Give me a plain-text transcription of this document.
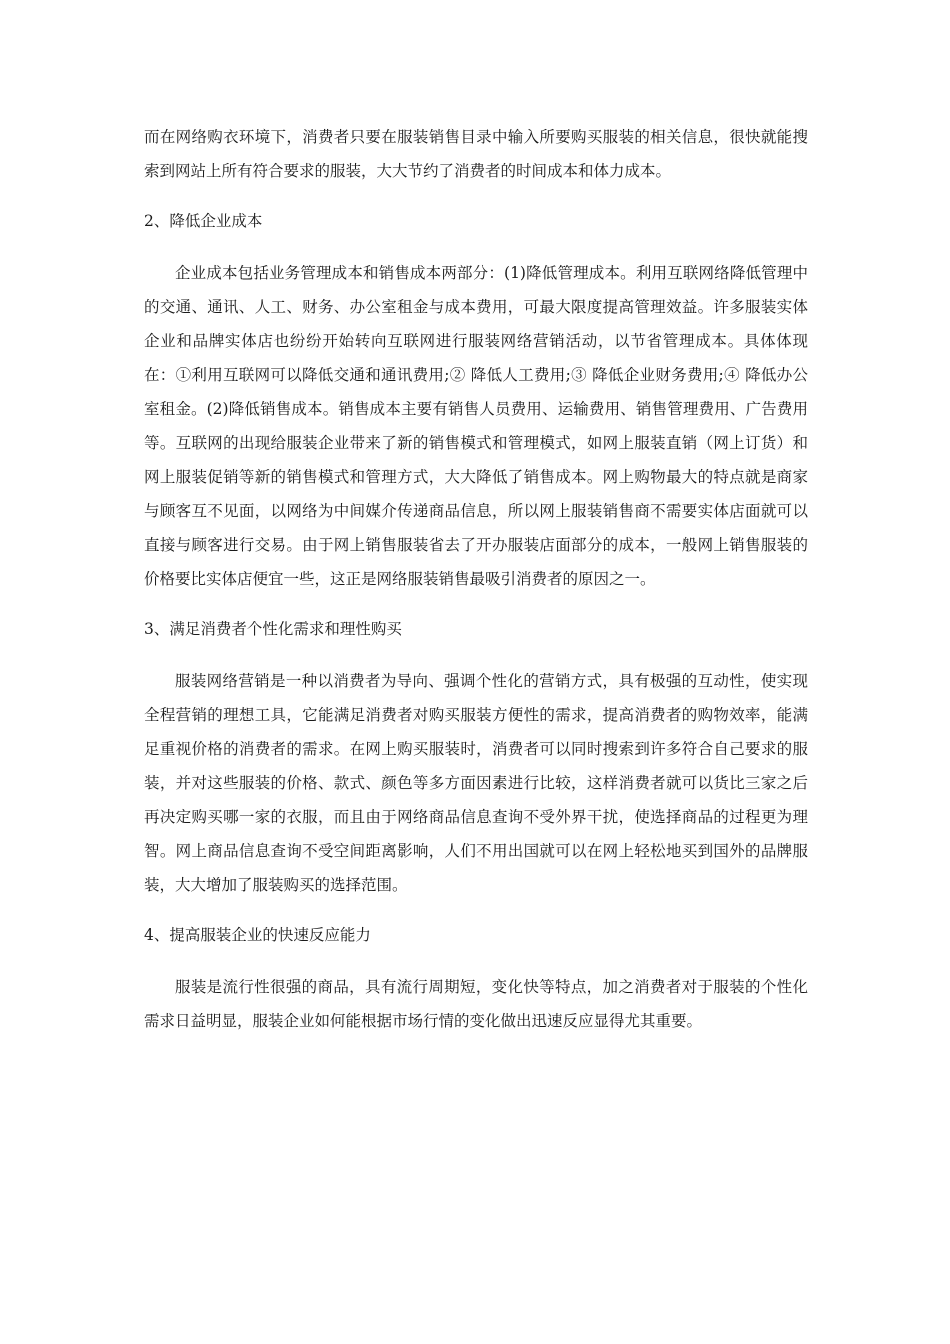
而在网络购衣环境下，消费者只要在服装销售目录中输入所要购买服装的相关信息，很快就能搜索到网站上所有符合要求的服装，大大节约了消费者的时间成本和体力成本。

2、降低企业成本

企业成本包括业务管理成本和销售成本两部分：(1)降低管理成本。利用互联网络降低管理中的交通、通讯、人工、财务、办公室租金与成本费用，可最大限度提高管理效益。许多服装实体企业和品牌实体店也纷纷开始转向互联网进行服装网络营销活动，以节省管理成本。具体体现在：①利用互联网可以降低交通和通讯费用;② 降低人工费用;③ 降低企业财务费用;④ 降低办公室租金。(2)降低销售成本。销售成本主要有销售人员费用、运输费用、销售管理费用、广告费用等。互联网的出现给服装企业带来了新的销售模式和管理模式，如网上服装直销（网上订货）和网上服装促销等新的销售模式和管理方式，大大降低了销售成本。网上购物最大的特点就是商家与顾客互不见面，以网络为中间媒介传递商品信息，所以网上服装销售商不需要实体店面就可以直接与顾客进行交易。由于网上销售服装省去了开办服装店面部分的成本，一般网上销售服装的价格要比实体店便宜一些，这正是网络服装销售最吸引消费者的原因之一。

3、满足消费者个性化需求和理性购买

服装网络营销是一种以消费者为导向、强调个性化的营销方式，具有极强的互动性，使实现全程营销的理想工具，它能满足消费者对购买服装方便性的需求，提高消费者的购物效率，能满足重视价格的消费者的需求。在网上购买服装时，消费者可以同时搜索到许多符合自己要求的服装，并对这些服装的价格、款式、颜色等多方面因素进行比较，这样消费者就可以货比三家之后再决定购买哪一家的衣服，而且由于网络商品信息查询不受外界干扰，使选择商品的过程更为理智。网上商品信息查询不受空间距离影响，人们不用出国就可以在网上轻松地买到国外的品牌服装，大大增加了服装购买的选择范围。

4、提高服装企业的快速反应能力

服装是流行性很强的商品，具有流行周期短，变化快等特点，加之消费者对于服装的个性化需求日益明显，服装企业如何能根据市场行情的变化做出迅速反应显得尤其重要。
